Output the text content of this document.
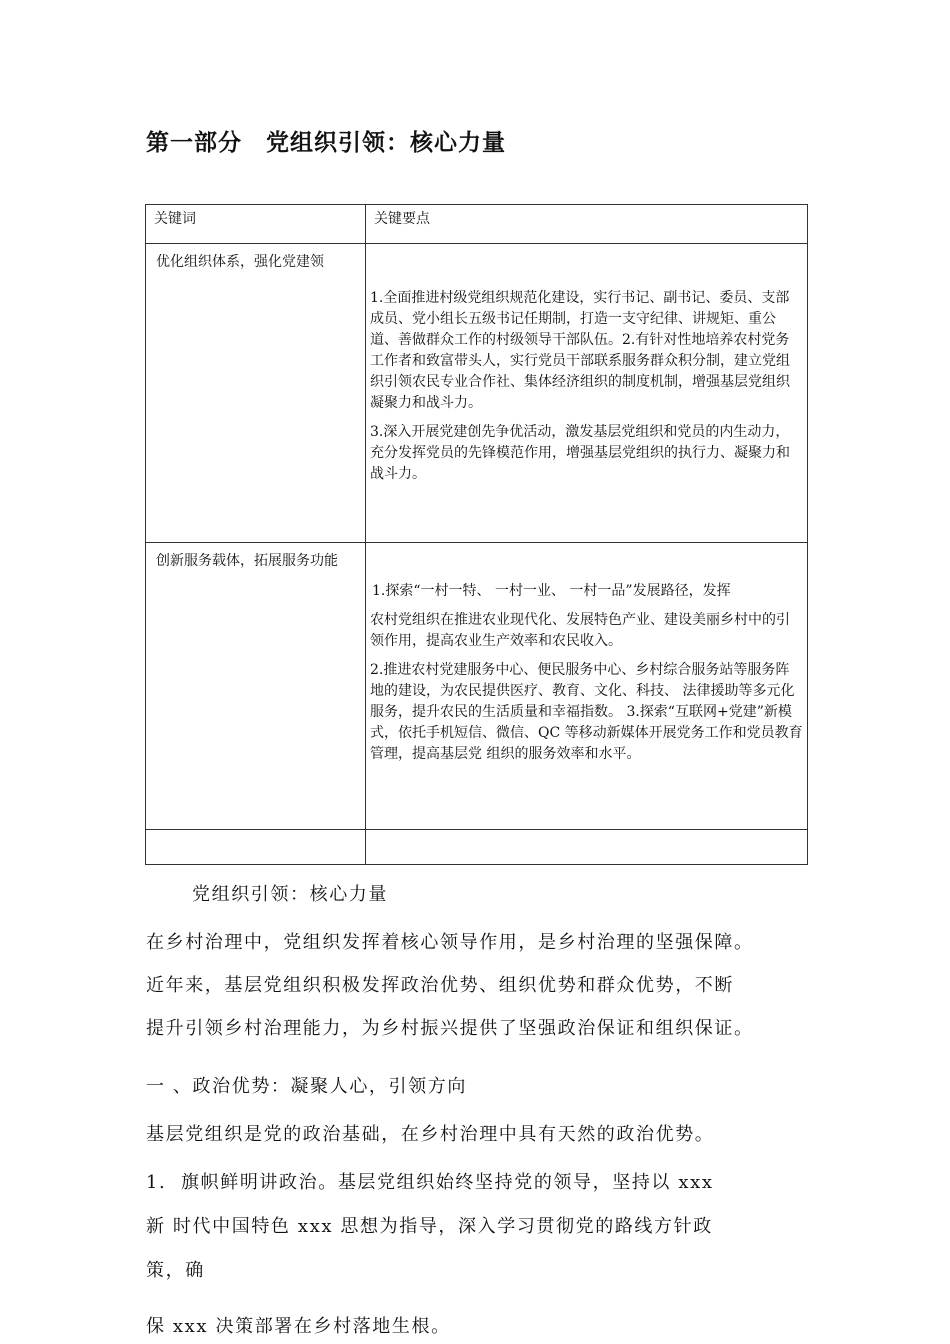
第一部分　党组织引领：核心力量
关键词	关键要点

优化组织体系，强化党建领	1.全面推进村级党组织规范化建设，实行书记、副书记、委员、支部成员、党小组长五级书记任期制，打造一支守纪律、讲规矩、重公道、善做群众工作的村级领导干部队伍。2.有针对性地培养农村党务工作者和致富带头人，实行党员干部联系服务群众积分制，建立党组织引领农民专业合作社、集体经济组织的制度机制，增强基层党组织凝聚力和战斗力。
3.深入开展党建创先争优活动，激发基层党组织和党员的内生动力，充分发挥党员的先锋模范作用，增强基层党组织的执行力、凝聚力和战斗力。

创新服务载体，拓展服务功能	1.探索“一村一特、 一村一业、 一村一品”发展路径，发挥
农村党组织在推进农业现代化、发展特色产业、建设美丽乡村中的引领作用，提高农业生产效率和农民收入。
2.推进农村党建服务中心、便民服务中心、乡村综合服务站等服务阵地的建设，为农民提供医疗、教育、文化、科技、 法律援助等多元化服务，提升农民的生活质量和幸福指数。 3.探索“互联网+党建”新模式，依托手机短信、微信、QC 等移动新媒体开展党务工作和党员教育管理，提高基层党 组织的服务效率和水平。

党组织引领：核心力量
在乡村治理中，党组织发挥着核心领导作用，是乡村治理的坚强保障。
近年来，基层党组织积极发挥政治优势、组织优势和群众优势，不断
提升引领乡村治理能力，为乡村振兴提供了坚强政治保证和组织保证。
一 、政治优势：凝聚人心，引领方向
基层党组织是党的政治基础，在乡村治理中具有天然的政治优势。
1.  旗帜鲜明讲政治。基层党组织始终坚持党的领导，坚持以 xxx
新 时代中国特色 xxx 思想为指导，深入学习贯彻党的路线方针政
策，确
保 xxx 决策部署在乡村落地生根。
